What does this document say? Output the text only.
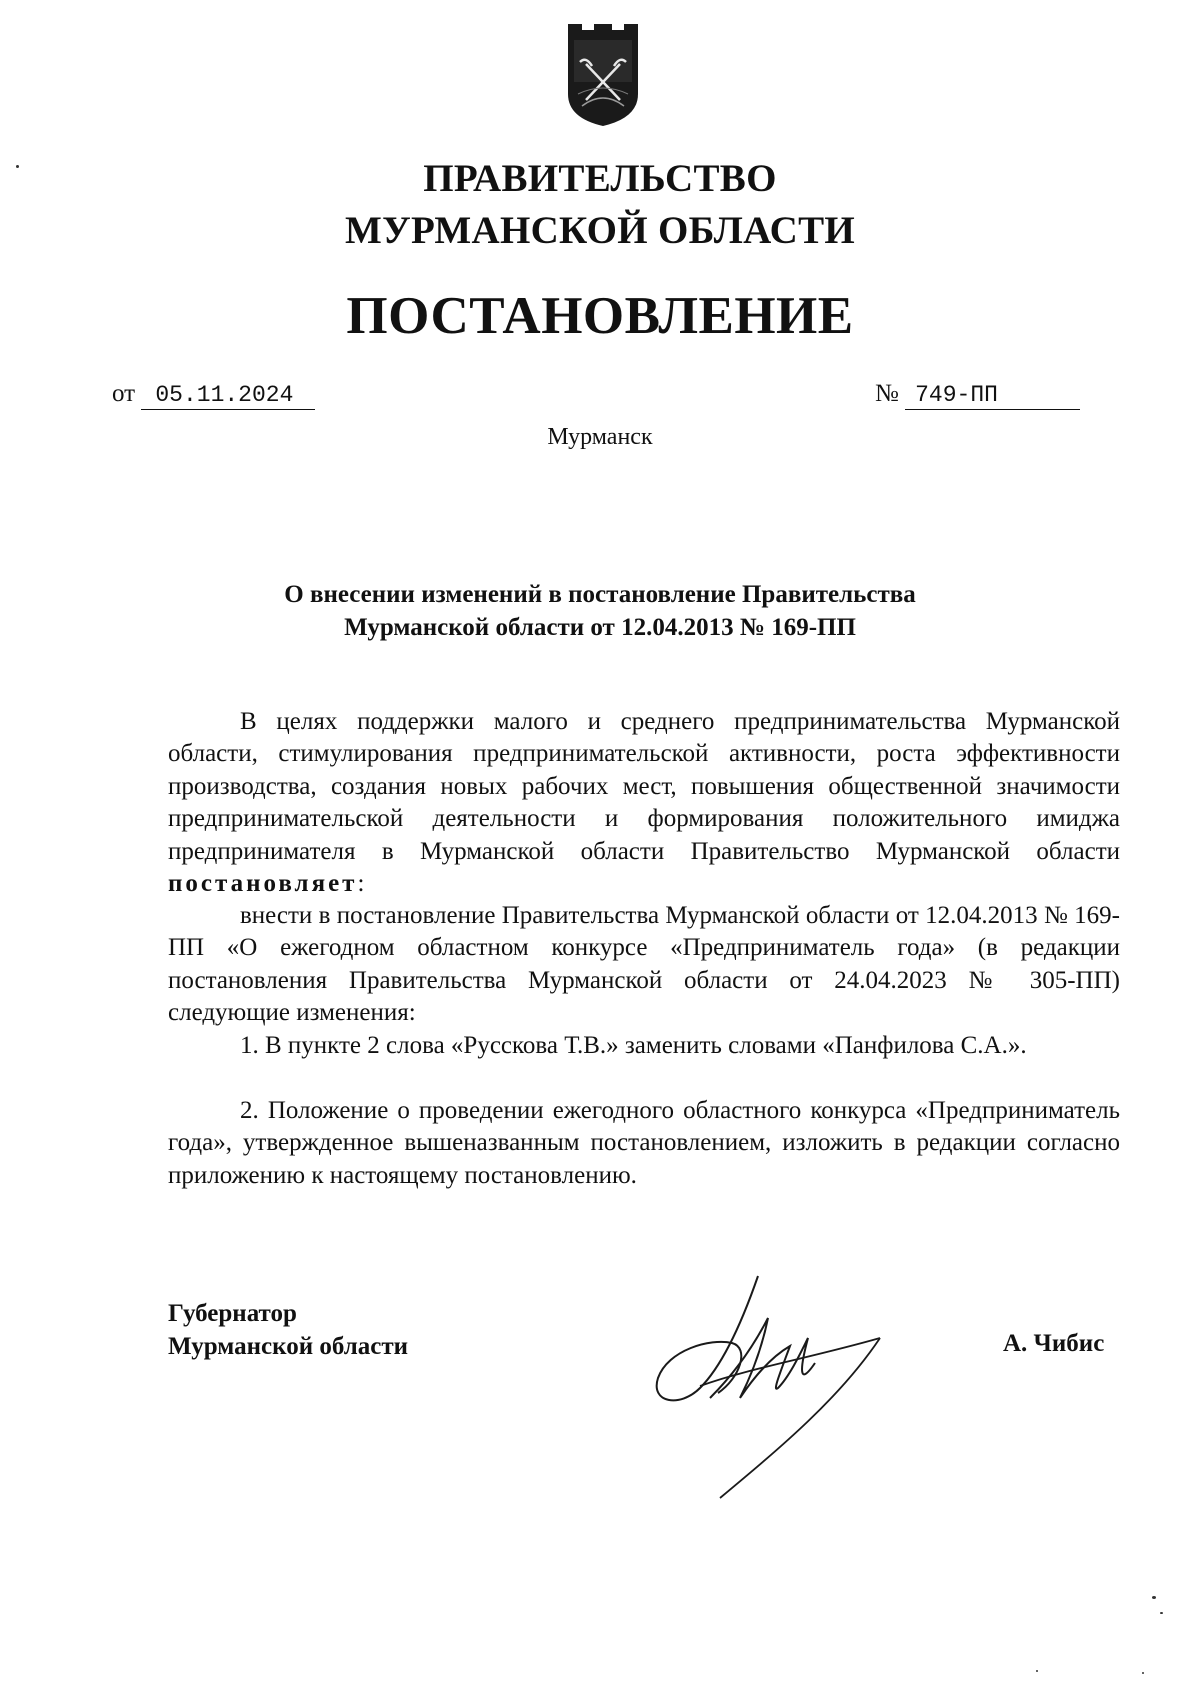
ПРАВИТЕЛЬСТВО
МУРМАНСКОЙ ОБЛАСТИ
ПОСТАНОВЛЕНИЕ
от 05.11.2024	№ 749-ПП
Мурманск
О внесении изменений в постановление Правительства
Мурманской области от 12.04.2013 № 169-ПП

В целях поддержки малого и среднего предпринимательства Мурманской области, стимулирования предпринимательской активности, роста эффективности производства, создания новых рабочих мест, повышения общественной значимости предпринимательской деятельности и формирования положительного имиджа предпринимателя в Мурманской области Правительство Мурманской области постановляет:

внести в постановление Правительства Мурманской области от 12.04.2013 № 169-ПП «О ежегодном областном конкурсе «Предприниматель года» (в редакции постановления Правительства Мурманской области от 24.04.2023 № 305-ПП) следующие изменения:

1. В пункте 2 слова «Русскова Т.В.» заменить словами «Панфилова С.А.».

2. Положение о проведении ежегодного областного конкурса «Предприниматель года», утвержденное вышеназванным постановлением, изложить в редакции согласно приложению к настоящему постановлению.

Губернатор
Мурманской области	А. Чибис
